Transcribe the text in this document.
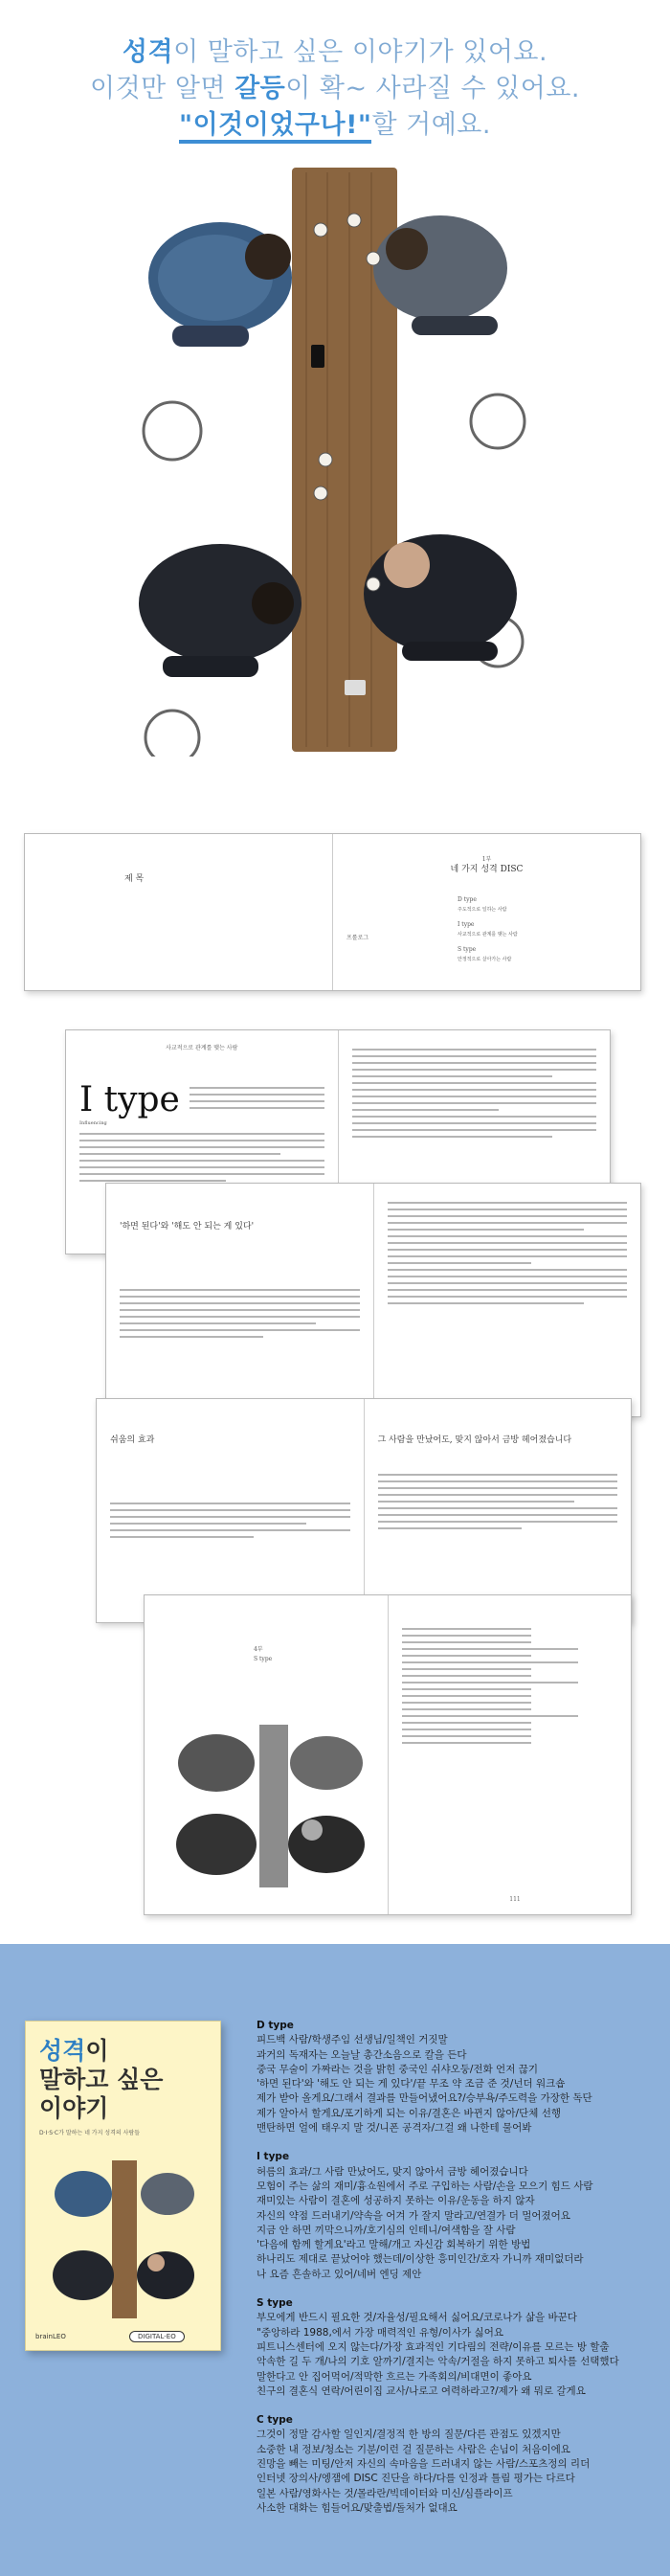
성격이 말하고 싶은 이야기가 있어요.
이것만 알면 갈등이 확~ 사라질 수 있어요.
"이것이었구나!"할 거예요.
제 목
1부
네 가지 성격 DISC
프롤로그
D type
주도적으로 일하는 사람
I type
사교적으로 관계를 맺는 사람
S type
안정적으로 살아가는 사람
사교적으로 관계를 맺는 사람
I type
Influencing
'하면 된다'와 '해도 안 되는 게 있다'
쉬움의 효과	그 사람을 만났어도, 맞지 않아서 금방 헤어졌습니다
4부
S type
111
성격이
말하고 싶은
이야기
D·I·S·C가 말하는 네 가지 성격의 사람들
brainLEO	DIGITAL-EO
D type
피드백 사람/학생주임 선생님/일책인 거짓말
과거의 독재자는 오늘날 총간소음으로 칼을 든다
중국 무술이 가짜라는 것을 밝힌 중국인 쉬샤오둥/전화 언저 끊기
'하면 된다'와 '해도 안 되는 게 있다'/끝 무조 약 조금 준 것/넌더 워크숍
제가 받아 올게요/그래서 결과를 만들어냈어요?/승부욕/주도력을 가장한 독단
제가 알아서 할게요/포기하게 되는 이유/결혼은 바뀐지 않아/단체 선행
맨탄하면 얼에 태우지 말 것/니폰 공격자/그걸 왜 나한테 물어봐
I type
허름의 효과/그 사람 만났어도, 맞지 않아서 금방 헤어졌습니다
모험이 주는 삶의 재미/흉쇼원에서 주로 구입하는 사람/손을 모으기 힘드 사람
재미있는 사람이 결혼에 성공하지 못하는 이유/운동을 하지 않자
자신의 약점 드러내기/약속을 어겨 가 잘지 말라고/연결가 더 멀어졌어요
지금 안 하면 끼막으니까/호기심의 인테니/여색함을 잘 사람
'다음에 함께 할게요'라고 말해/개고 자신감 회복하기 위한 방법
하나리도 제대로 끝났어야 했는데/이상한 흥미인간/호자 가니까 재미없더라
나 요즘 흔솔하고 있어/네버 엔딩 제안
S type
부모에게 반드시 필요한 것/자율성/필요해서 싫어요/코로나가 삶을 바꾼다
"중앙하라 1988,에서 가장 매력적인 유형/이사가 싫어요
피트니스센터에 오지 않는다/가장 효과적인 기다림의 전략/이유를 모르는 방 할출
악속한 길 두 개/나의 기호 알까기/결지는 악속/거절을 하지 못하고 퇴사를 선택했다
말한다고 안 집어먹어/적막한 흐르는 가족회의/비대면이 좋아요
친구의 결혼식 연락/어린이집 교사/나로고 여력하라고?/제가 왜 뭐로 갈게요
C type
그것이 정말 감사할 일인지/결정적 한 방의 질문/다른 관점도 있겠지만
소중한 내 정보/청소는 기분/이런 걸 질문하는 사람은 손님이 처음이에요
진망을 빼는 미팅/안저 자신의 속마음을 드러내지 않는 사람/스포츠정의 리더
인터넷 장의사/엥잼에 DISC 진단을 하다/다를 인정과 틀림 평가는 다르다
일본 사람/영화사는 것/몰라란/빅데이터와 미신/심플라이프
사소한 대화는 힘들어요/맞출법/돌처가 없대요
